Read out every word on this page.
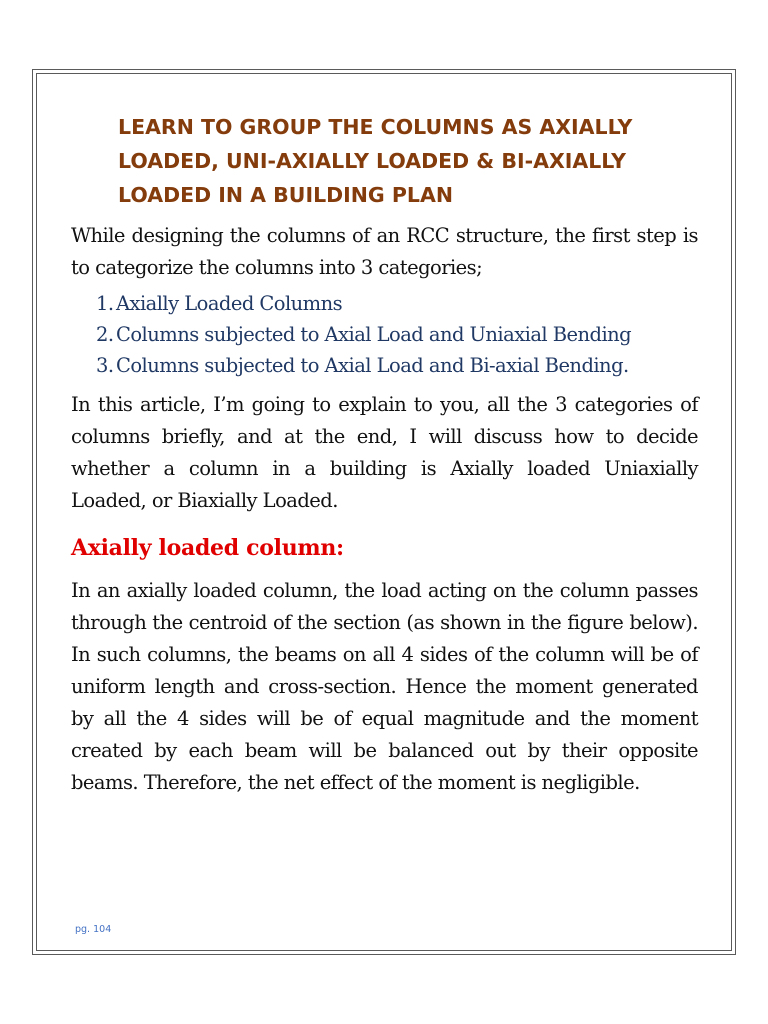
LEARN TO GROUP THE COLUMNS AS AXIALLY LOADED, UNI-AXIALLY LOADED & BI-AXIALLY LOADED IN A BUILDING PLAN

While designing the columns of an RCC structure, the first step is to categorize the columns into 3 categories;

1. Axially Loaded Columns
2. Columns subjected to Axial Load and Uniaxial Bending
3. Columns subjected to Axial Load and Bi-axial Bending.

In this article, I’m going to explain to you, all the 3 categories of columns briefly, and at the end, I will discuss how to decide whether a column in a building is Axially loaded Uniaxially Loaded, or Biaxially Loaded.

Axially loaded column:

In an axially loaded column, the load acting on the column passes through the centroid of the section (as shown in the figure below). In such columns, the beams on all 4 sides of the column will be of uniform length and cross-section. Hence the moment generated by all the 4 sides will be of equal magnitude and the moment created by each beam will be balanced out by their opposite beams. Therefore, the net effect of the moment is negligible.

pg. 104
